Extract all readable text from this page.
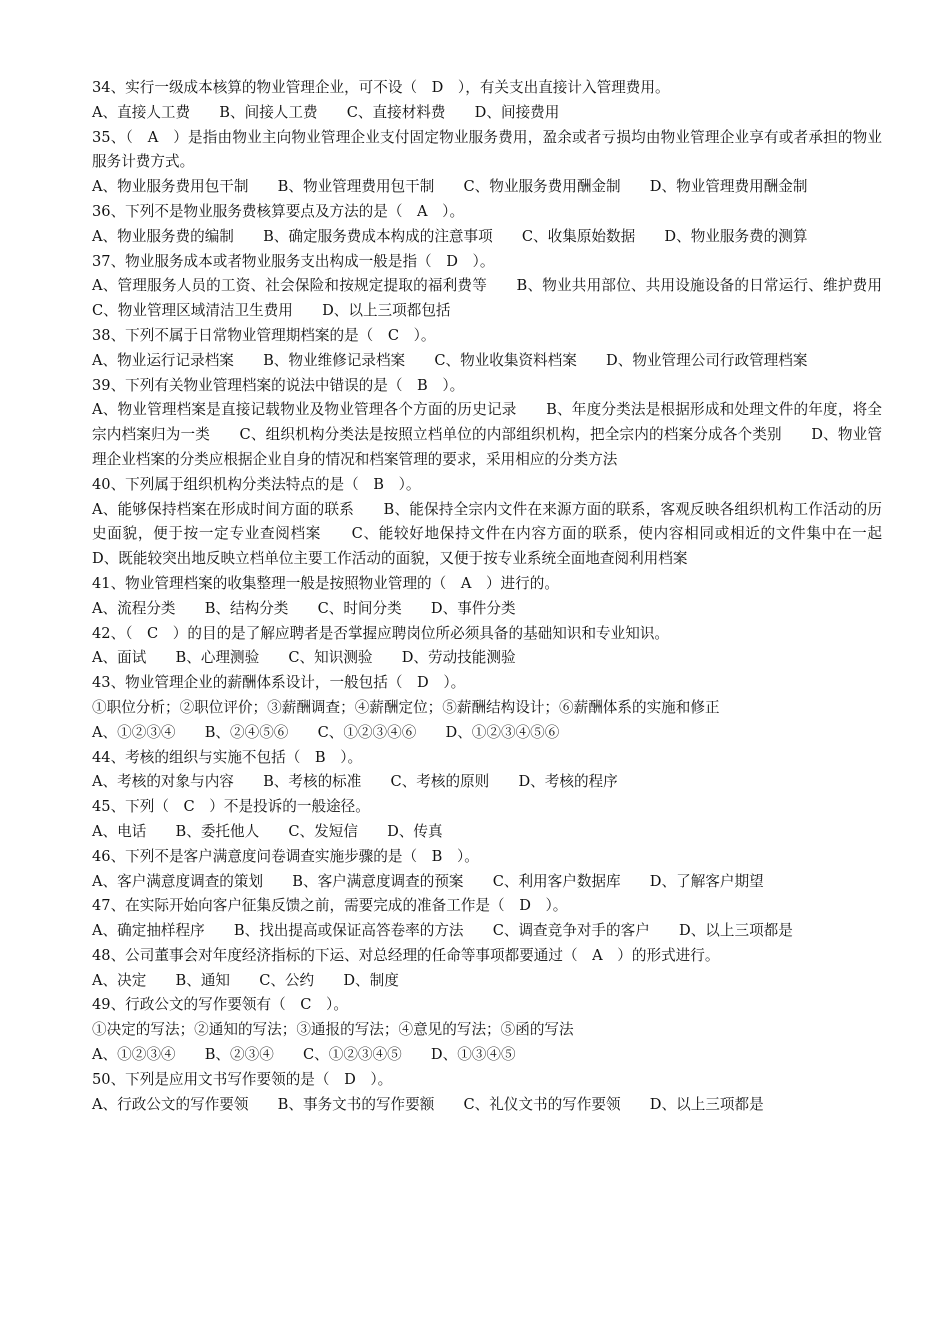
34、实行一级成本核算的物业管理企业，可不设（　D　），有关支出直接计入管理费用。

A、直接人工费　　B、间接人工费　　C、直接材料费　　D、间接费用

35、（　A　）是指由物业主向物业管理企业支付固定物业服务费用，盈余或者亏损均由物业管理企业享有或者承担的物业服务计费方式。

A、物业服务费用包干制　　B、物业管理费用包干制　　C、物业服务费用酬金制　　D、物业管理费用酬金制

36、下列不是物业服务费核算要点及方法的是（　A　）。

A、物业服务费的编制　　B、确定服务费成本构成的注意事项　　C、收集原始数据　　D、物业服务费的测算

37、物业服务成本或者物业服务支出构成一般是指（　D　）。

A、管理服务人员的工资、社会保险和按规定提取的福利费等　　B、物业共用部位、共用设施设备的日常运行、维护费用　　C、物业管理区域清洁卫生费用　　D、以上三项都包括

38、下列不属于日常物业管理期档案的是（　C　）。

A、物业运行记录档案　　B、物业维修记录档案　　C、物业收集资料档案　　D、物业管理公司行政管理档案

39、下列有关物业管理档案的说法中错误的是（　B　）。

A、物业管理档案是直接记载物业及物业管理各个方面的历史记录　　B、年度分类法是根据形成和处理文件的年度，将全宗内档案归为一类　　C、组织机构分类法是按照立档单位的内部组织机构，把全宗内的档案分成各个类别　　D、物业管理企业档案的分类应根据企业自身的情况和档案管理的要求，采用相应的分类方法

40、下列属于组织机构分类法特点的是（　B　）。

A、能够保持档案在形成时间方面的联系　　B、能保持全宗内文件在来源方面的联系，客观反映各组织机构工作活动的历史面貌，便于按一定专业查阅档案　　C、能较好地保持文件在内容方面的联系，使内容相同或相近的文件集中在一起　　D、既能较突出地反映立档单位主要工作活动的面貌，又便于按专业系统全面地查阅利用档案

41、物业管理档案的收集整理一般是按照物业管理的（　A　）进行的。

A、流程分类　　B、结构分类　　C、时间分类　　D、事件分类

42、（　C　）的目的是了解应聘者是否掌握应聘岗位所必须具备的基础知识和专业知识。

A、面试　　B、心理测验　　C、知识测验　　D、劳动技能测验

43、物业管理企业的薪酬体系设计，一般包括（　D　）。

①职位分析；②职位评价；③薪酬调查；④薪酬定位；⑤薪酬结构设计；⑥薪酬体系的实施和修正

A、①②③④　　B、②④⑤⑥　　C、①②③④⑥　　D、①②③④⑤⑥

44、考核的组织与实施不包括（　B　）。

A、考核的对象与内容　　B、考核的标准　　C、考核的原则　　D、考核的程序

45、下列（　C　）不是投诉的一般途径。

A、电话　　B、委托他人　　C、发短信　　D、传真

46、下列不是客户满意度问卷调查实施步骤的是（　B　）。

A、客户满意度调查的策划　　B、客户满意度调查的预案　　C、利用客户数据库　　D、了解客户期望

47、在实际开始向客户征集反馈之前，需要完成的准备工作是（　D　）。

A、确定抽样程序　　B、找出提高或保证高答卷率的方法　　C、调查竞争对手的客户　　D、以上三项都是

48、公司董事会对年度经济指标的下运、对总经理的任命等事项都要通过（　A　）的形式进行。

A、决定　　B、通知　　C、公约　　D、制度

49、行政公文的写作要领有（　C　）。

①决定的写法；②通知的写法；③通报的写法；④意见的写法；⑤函的写法

A、①②③④　　B、②③④　　C、①②③④⑤　　D、①③④⑤

50、下列是应用文书写作要领的是（　D　）。

A、行政公文的写作要领　　B、事务文书的写作要额　　C、礼仪文书的写作要领　　D、以上三项都是
